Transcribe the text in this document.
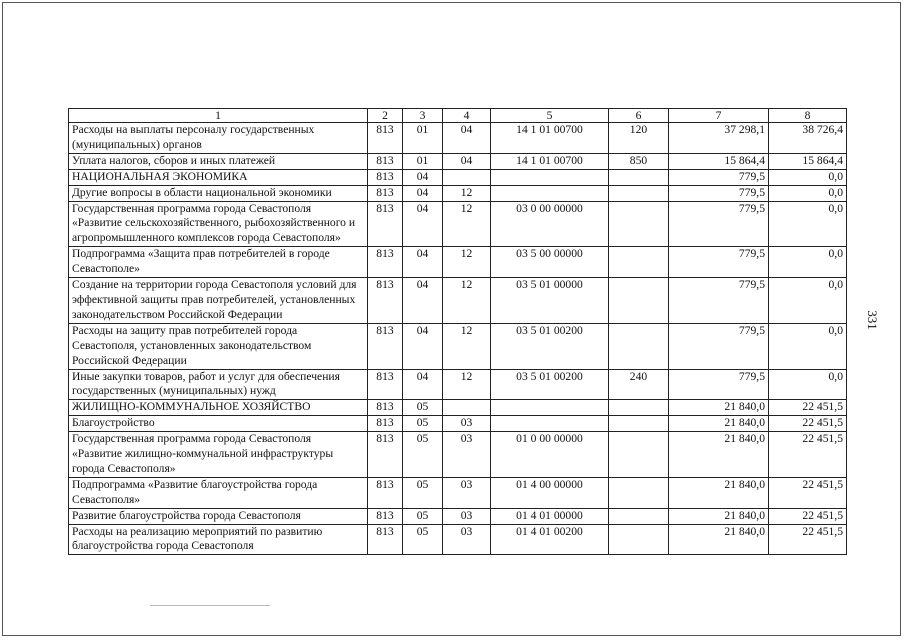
331
1	2	3	4	5	6	7	8
Расходы на выплаты персоналу государственных (муниципальных) органов	813	01	04	14 1 01 00700	120	37 298,1	38 726,4
Уплата налогов, сборов и иных платежей	813	01	04	14 1 01 00700	850	15 864,4	15 864,4
НАЦИОНАЛЬНАЯ ЭКОНОМИКА	813	04				779,5	0,0
Другие вопросы в области национальной экономики	813	04	12			779,5	0,0
Государственная программа города Севастополя «Развитие сельскохозяйственного, рыбохозяйственного и агропромышленного комплексов города Севастополя»	813	04	12	03 0 00 00000		779,5	0,0
Подпрограмма «Защита прав потребителей в городе Севастополе»	813	04	12	03 5 00 00000		779,5	0,0
Создание на территории города Севастополя условий для эффективной защиты прав потребителей, установленных законодательством Российской Федерации	813	04	12	03 5 01 00000		779,5	0,0
Расходы на защиту прав потребителей города Севастополя, установленных законодательством Российской Федерации	813	04	12	03 5 01 00200		779,5	0,0
Иные закупки товаров, работ и услуг для обеспечения государственных (муниципальных) нужд	813	04	12	03 5 01 00200	240	779,5	0,0
ЖИЛИЩНО-КОММУНАЛЬНОЕ ХОЗЯЙСТВО	813	05				21 840,0	22 451,5
Благоустройство	813	05	03			21 840,0	22 451,5
Государственная программа города Севастополя «Развитие жилищно-коммунальной инфраструктуры города Севастополя»	813	05	03	01 0 00 00000		21 840,0	22 451,5
Подпрограмма «Развитие благоустройства города Севастополя»	813	05	03	01 4 00 00000		21 840,0	22 451,5
Развитие благоустройства города Севастополя	813	05	03	01 4 01 00000		21 840,0	22 451,5
Расходы на реализацию мероприятий по развитию благоустройства города Севастополя	813	05	03	01 4 01 00200		21 840,0	22 451,5
